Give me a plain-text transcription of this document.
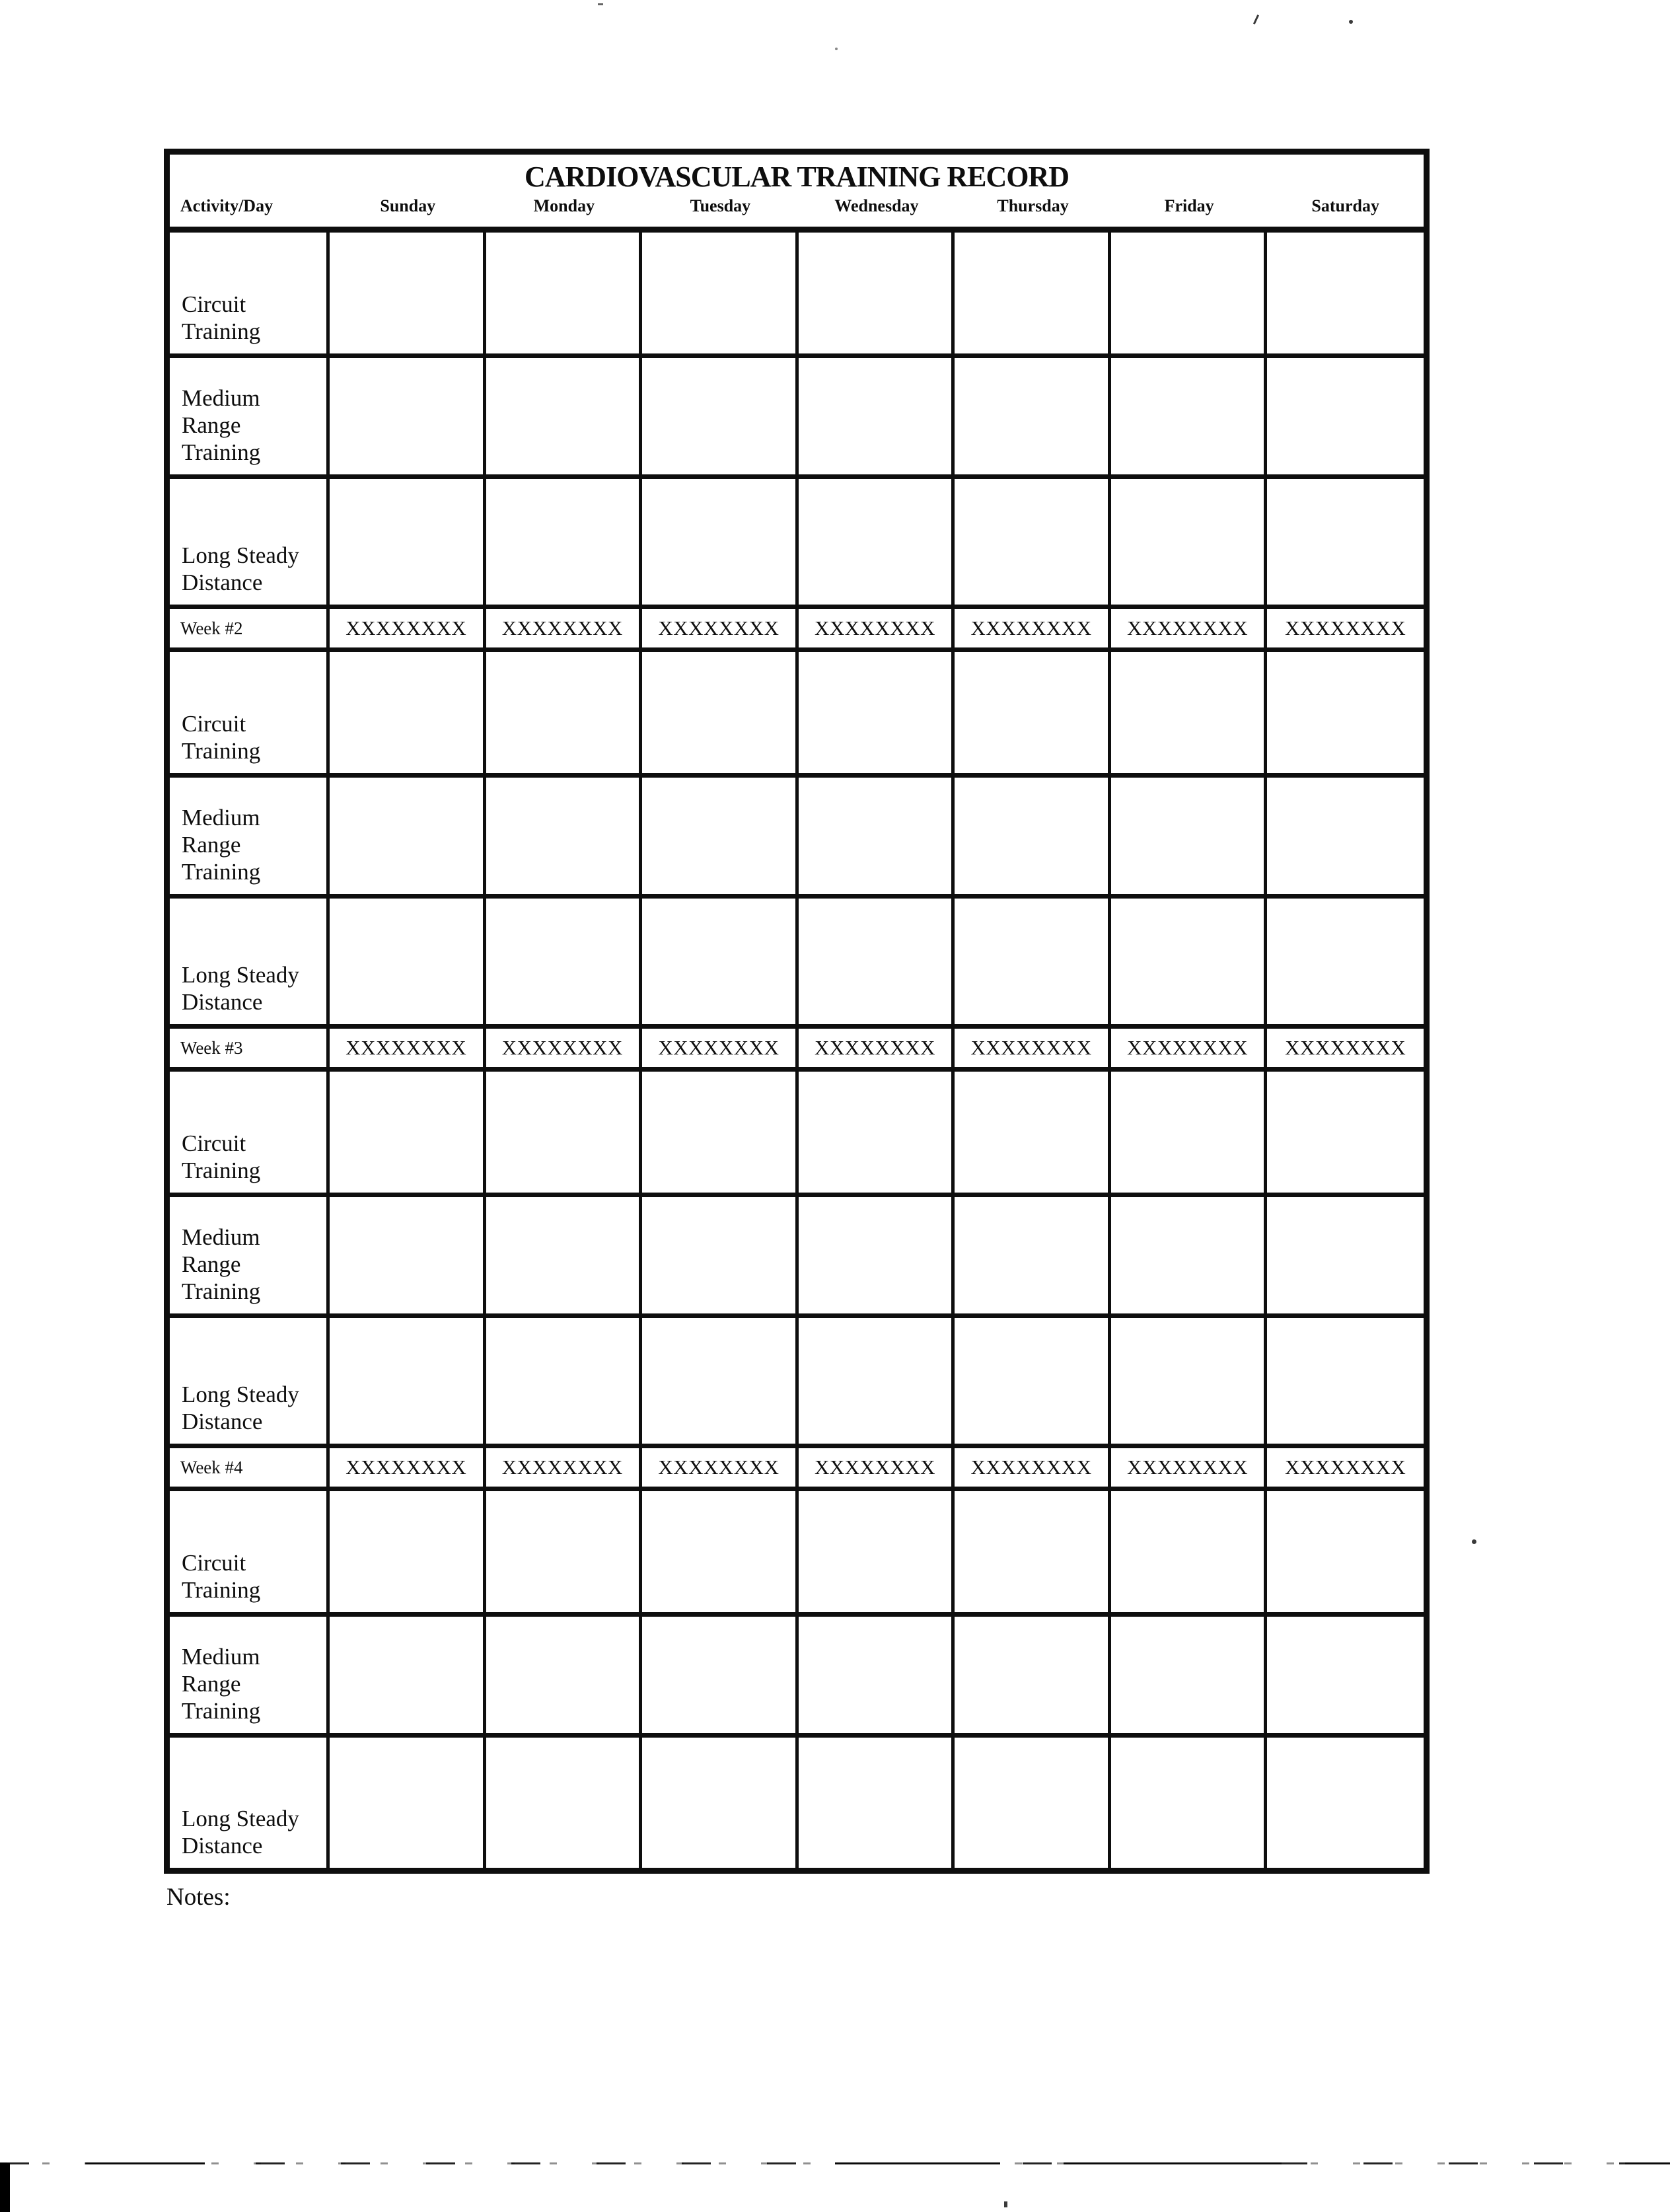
CARDIOVASCULAR TRAINING RECORD
Activity/Day	Sunday	Monday	Tuesday	Wednesday	Thursday	Friday	Saturday
Circuit Training
Medium Range Training
Long Steady Distance
Week #2	XXXXXXXX	XXXXXXXX	XXXXXXXX	XXXXXXXX	XXXXXXXX	XXXXXXXX	XXXXXXXX
Circuit Training
Medium Range Training
Long Steady Distance
Week #3	XXXXXXXX	XXXXXXXX	XXXXXXXX	XXXXXXXX	XXXXXXXX	XXXXXXXX	XXXXXXXX
Circuit Training
Medium Range Training
Long Steady Distance
Week #4	XXXXXXXX	XXXXXXXX	XXXXXXXX	XXXXXXXX	XXXXXXXX	XXXXXXXX	XXXXXXXX
Circuit Training
Medium Range Training
Long Steady Distance
Notes:
